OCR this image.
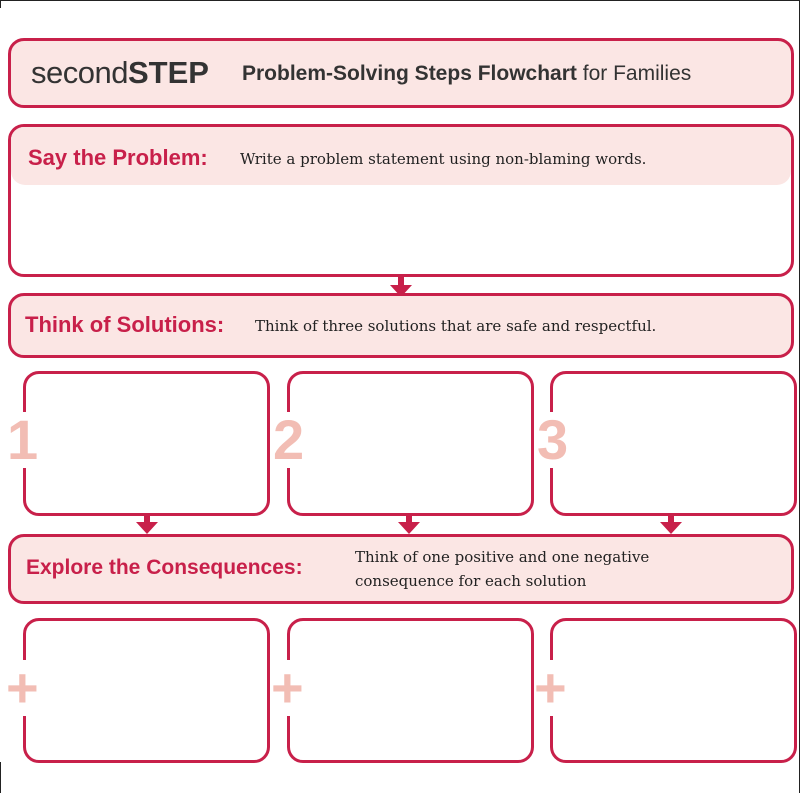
secondSTEP Problem-Solving Steps Flowchart for Families
Say the Problem: Write a problem statement using non-blaming words.
Think of Solutions: Think of three solutions that are safe and respectful.
1	2	3
Explore the Consequences:	Think of one positive and one negative
consequence for each solution
+	+	+
